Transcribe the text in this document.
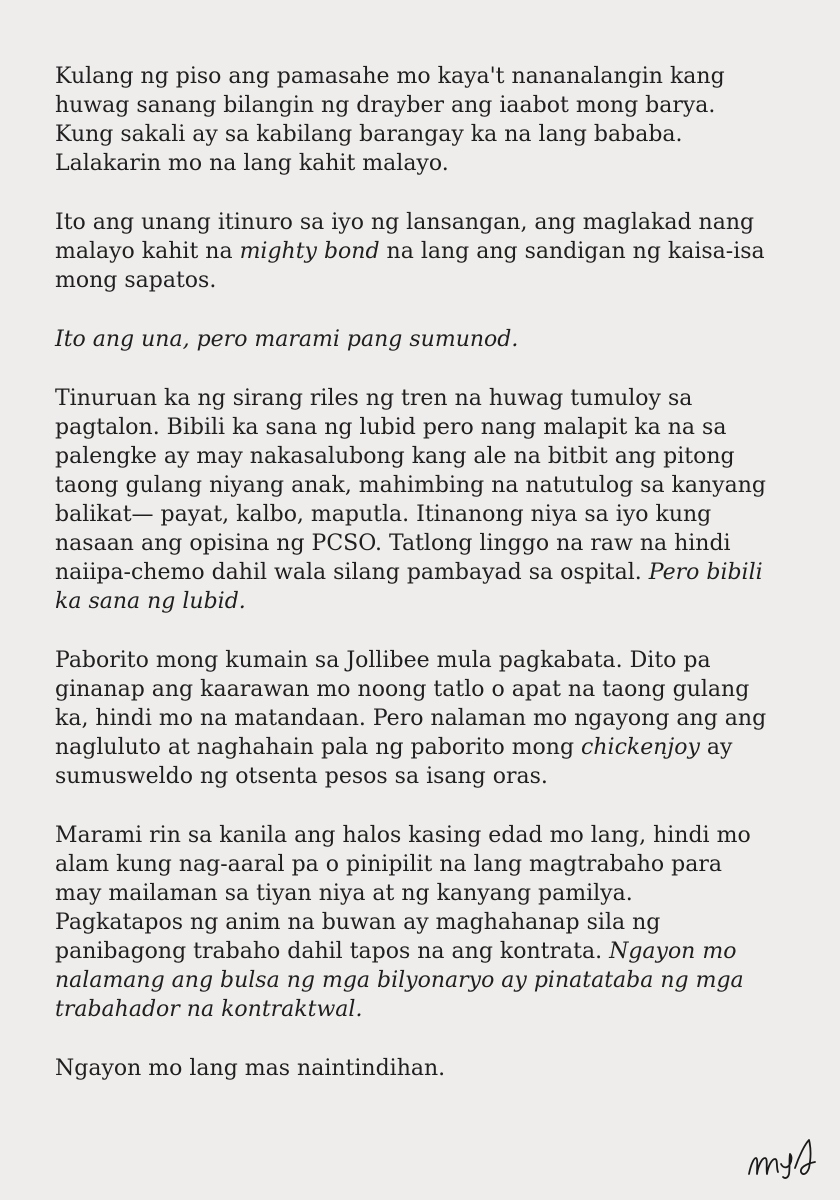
Kulang ng piso ang pamasahe mo kaya't nananalangin kang
huwag sanang bilangin ng drayber ang iaabot mong barya.
Kung sakali ay sa kabilang barangay ka na lang bababa.
Lalakarin mo na lang kahit malayo.

Ito ang unang itinuro sa iyo ng lansangan, ang maglakad nang
malayo kahit na mighty bond na lang ang sandigan ng kaisa-isa
mong sapatos.

Ito ang una, pero marami pang sumunod.

Tinuruan ka ng sirang riles ng tren na huwag tumuloy sa
pagtalon. Bibili ka sana ng lubid pero nang malapit ka na sa
palengke ay may nakasalubong kang ale na bitbit ang pitong
taong gulang niyang anak, mahimbing na natutulog sa kanyang
balikat— payat, kalbo, maputla. Itinanong niya sa iyo kung
nasaan ang opisina ng PCSO. Tatlong linggo na raw na hindi
naiipa-chemo dahil wala silang pambayad sa ospital. Pero bibili
ka sana ng lubid.

Paborito mong kumain sa Jollibee mula pagkabata. Dito pa
ginanap ang kaarawan mo noong tatlo o apat na taong gulang
ka, hindi mo na matandaan. Pero nalaman mo ngayong ang ang
nagluluto at naghahain pala ng paborito mong chickenjoy ay
sumusweldo ng otsenta pesos sa isang oras.

Marami rin sa kanila ang halos kasing edad mo lang, hindi mo
alam kung nag-aaral pa o pinipilit na lang magtrabaho para
may mailaman sa tiyan niya at ng kanyang pamilya.
Pagkatapos ng anim na buwan ay maghahanap sila ng
panibagong trabaho dahil tapos na ang kontrata. Ngayon mo
nalamang ang bulsa ng mga bilyonaryo ay pinatataba ng mga
trabahador na kontraktwal.

Ngayon mo lang mas naintindihan.
